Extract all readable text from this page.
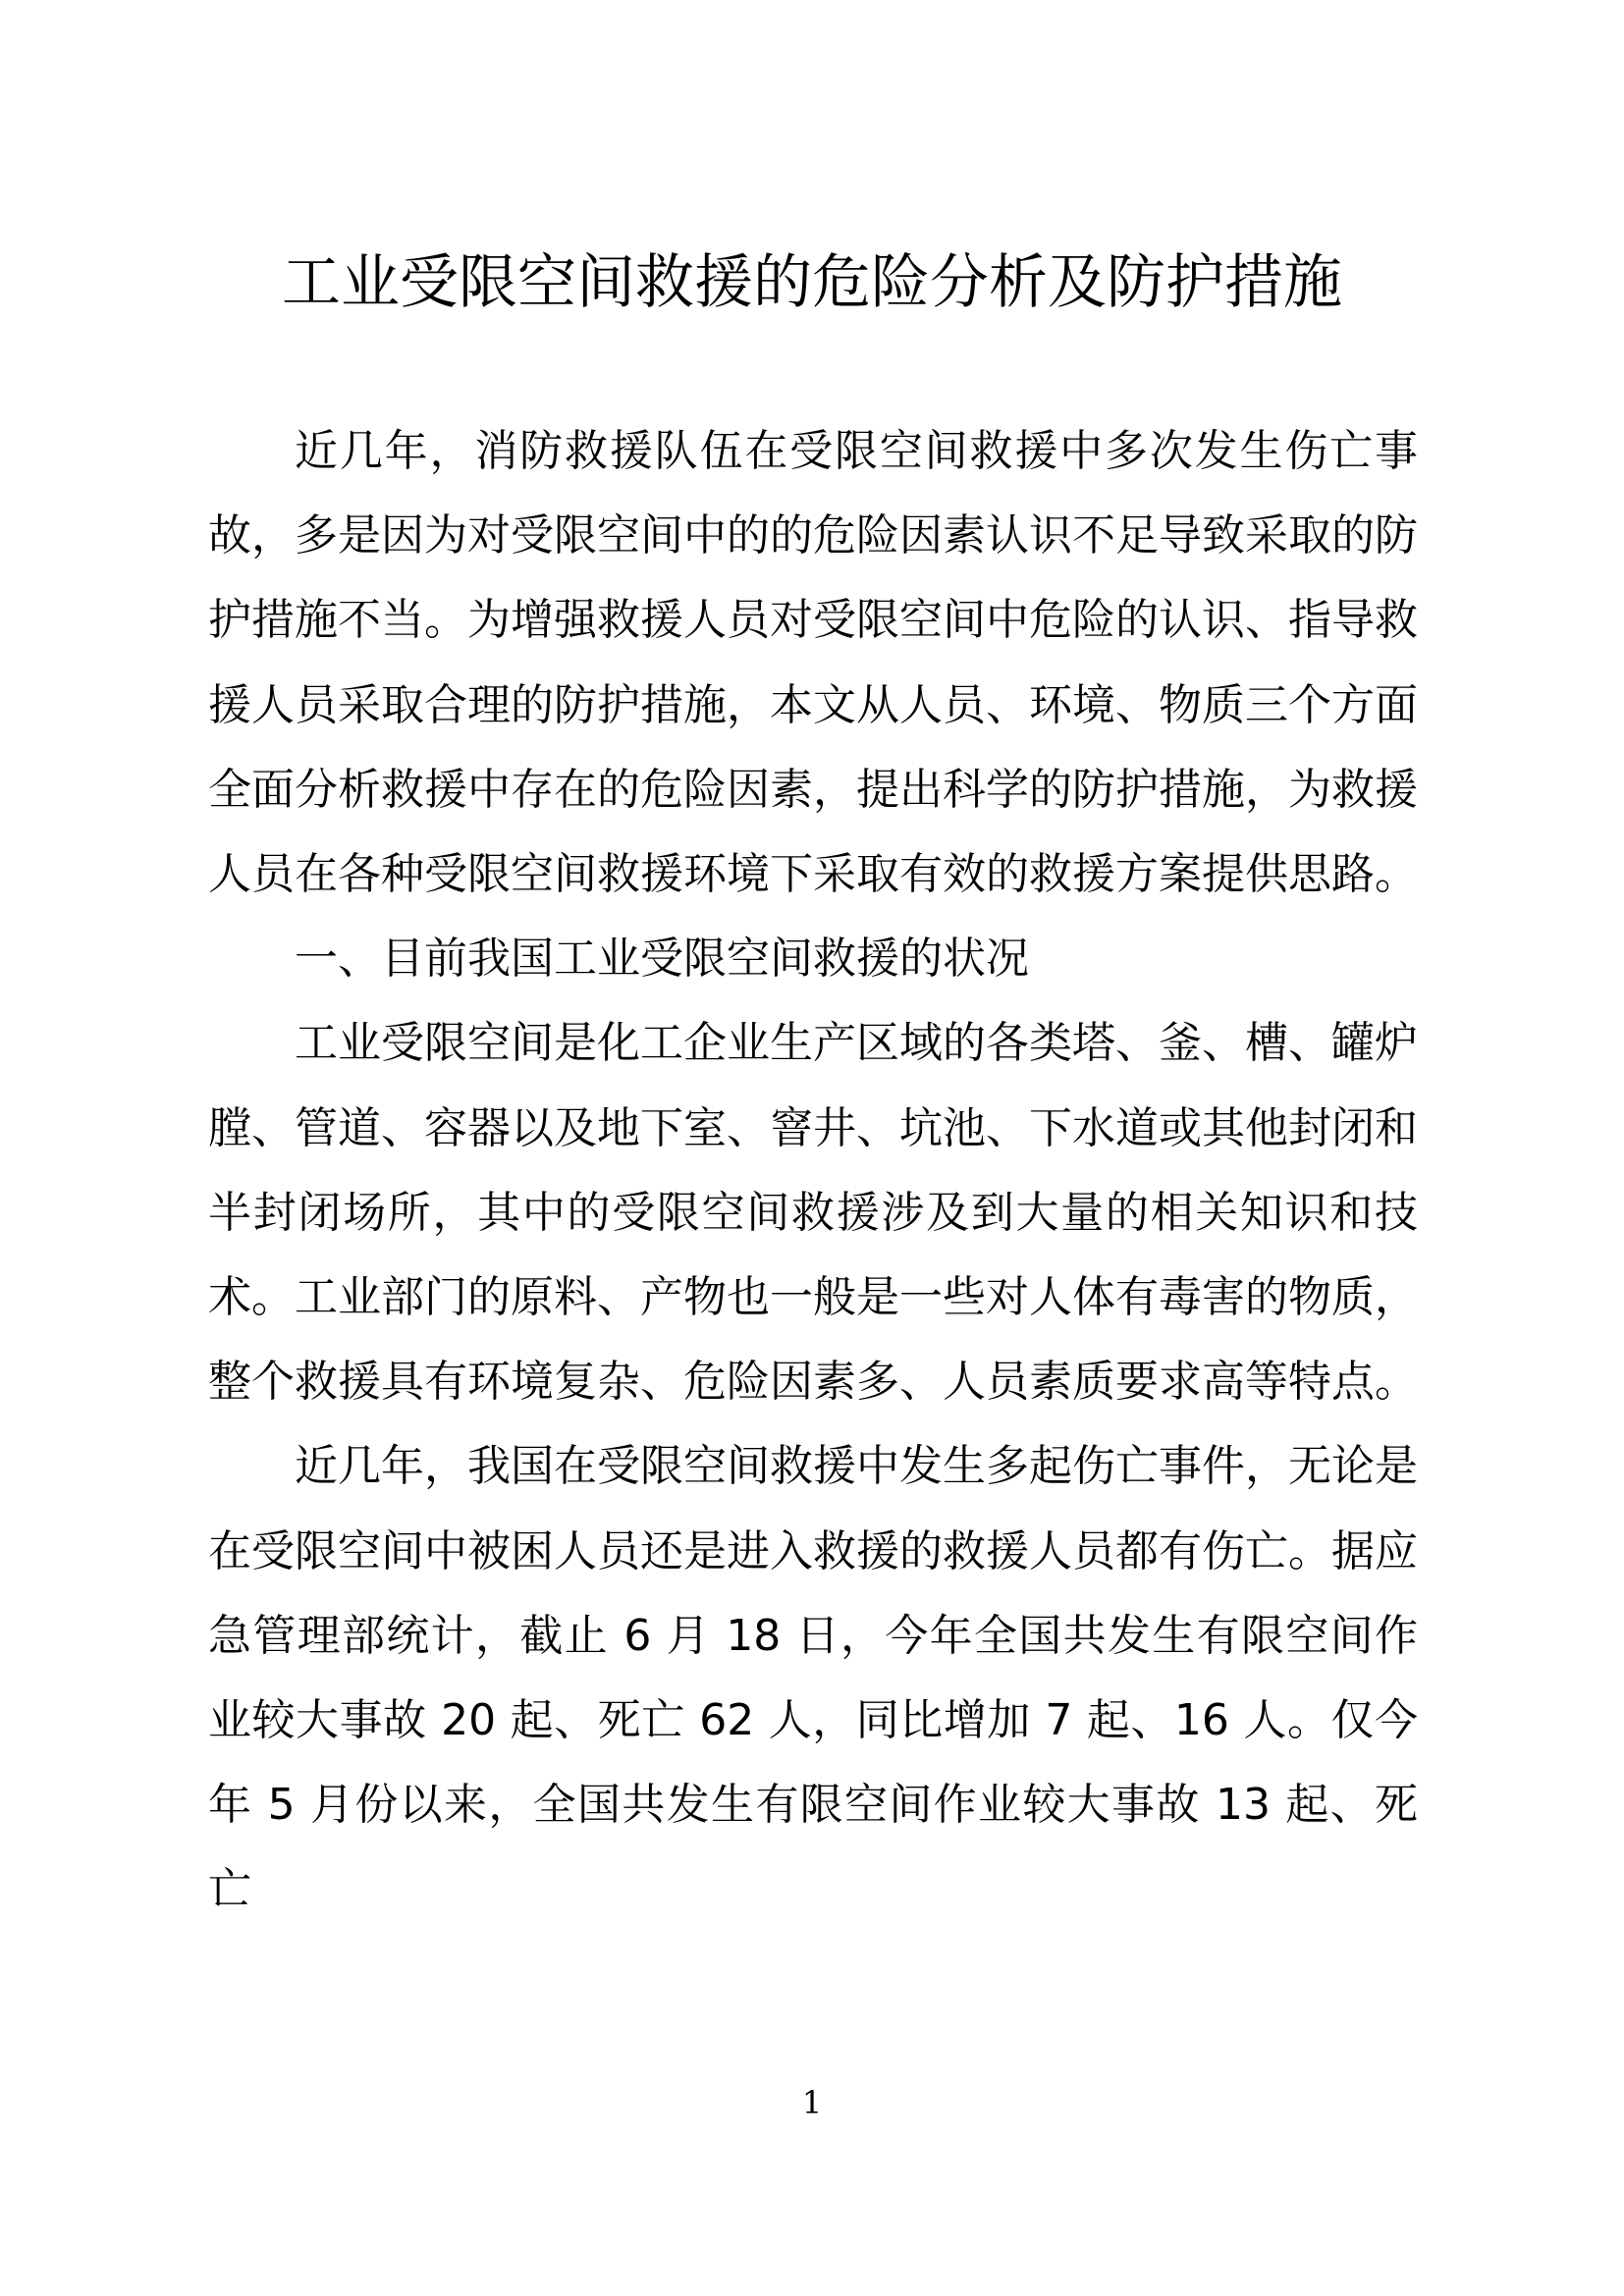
工业受限空间救援的危险分析及防护措施

近几年，消防救援队伍在受限空间救援中多次发生伤亡事故，多是因为对受限空间中的的危险因素认识不足导致采取的防护措施不当。为增强救援人员对受限空间中危险的认识、指导救援人员采取合理的防护措施，本文从人员、环境、物质三个方面全面分析救援中存在的危险因素，提出科学的防护措施，为救援人员在各种受限空间救援环境下采取有效的救援方案提供思路。

一、目前我国工业受限空间救援的状况

工业受限空间是化工企业生产区域的各类塔、釜、槽、罐炉膛、管道、容器以及地下室、窨井、坑池、下水道或其他封闭和半封闭场所，其中的受限空间救援涉及到大量的相关知识和技术。工业部门的原料、产物也一般是一些对人体有毒害的物质，整个救援具有环境复杂、危险因素多、人员素质要求高等特点。

近几年，我国在受限空间救援中发生多起伤亡事件，无论是在受限空间中被困人员还是进入救援的救援人员都有伤亡。据应急管理部统计，截止 6 月 18 日，今年全国共发生有限空间作业较大事故 20 起、死亡 62 人，同比增加 7 起、16 人。仅今年 5 月份以来，全国共发生有限空间作业较大事故 13 起、死亡

1
